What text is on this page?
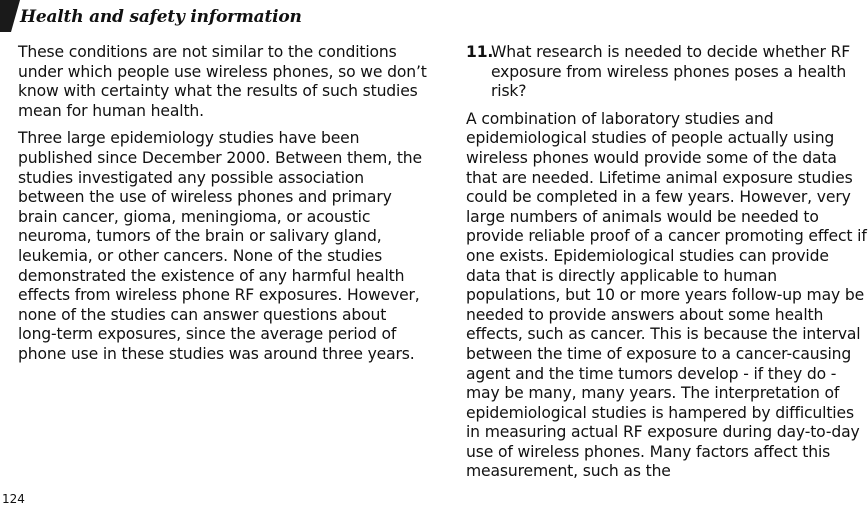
Health and safety information

These conditions are not similar to the conditions under which people use wireless phones, so we don’t know with certainty what the results of such studies mean for human health.

Three large epidemiology studies have been published since December 2000. Between them, the studies investigated any possible association between the use of wireless phones and primary brain cancer, gioma, meningioma, or acoustic neuroma, tumors of the brain or salivary gland, leukemia, or other cancers. None of the studies demonstrated the existence of any harmful health effects from wireless phone RF exposures. However, none of the studies can answer questions about long-term exposures, since the average period of phone use in these studies was around three years.

11.
What research is needed to decide whether RF exposure from wireless phones poses a health risk?

A combination of laboratory studies and epidemiological studies of people actually using wireless phones would provide some of the data that are needed. Lifetime animal exposure studies could be completed in a few years. However, very large numbers of animals would be needed to provide reliable proof of a cancer promoting effect if one exists. Epidemiological studies can provide data that is directly applicable to human populations, but 10 or more years follow-up may be needed to provide answers about some health effects, such as cancer. This is because the interval between the time of exposure to a cancer-causing agent and the time tumors develop - if they do - may be many, many years. The interpretation of epidemiological studies is hampered by difficulties in measuring actual RF exposure during day-to-day use of wireless phones. Many factors affect this measurement, such as the

124
